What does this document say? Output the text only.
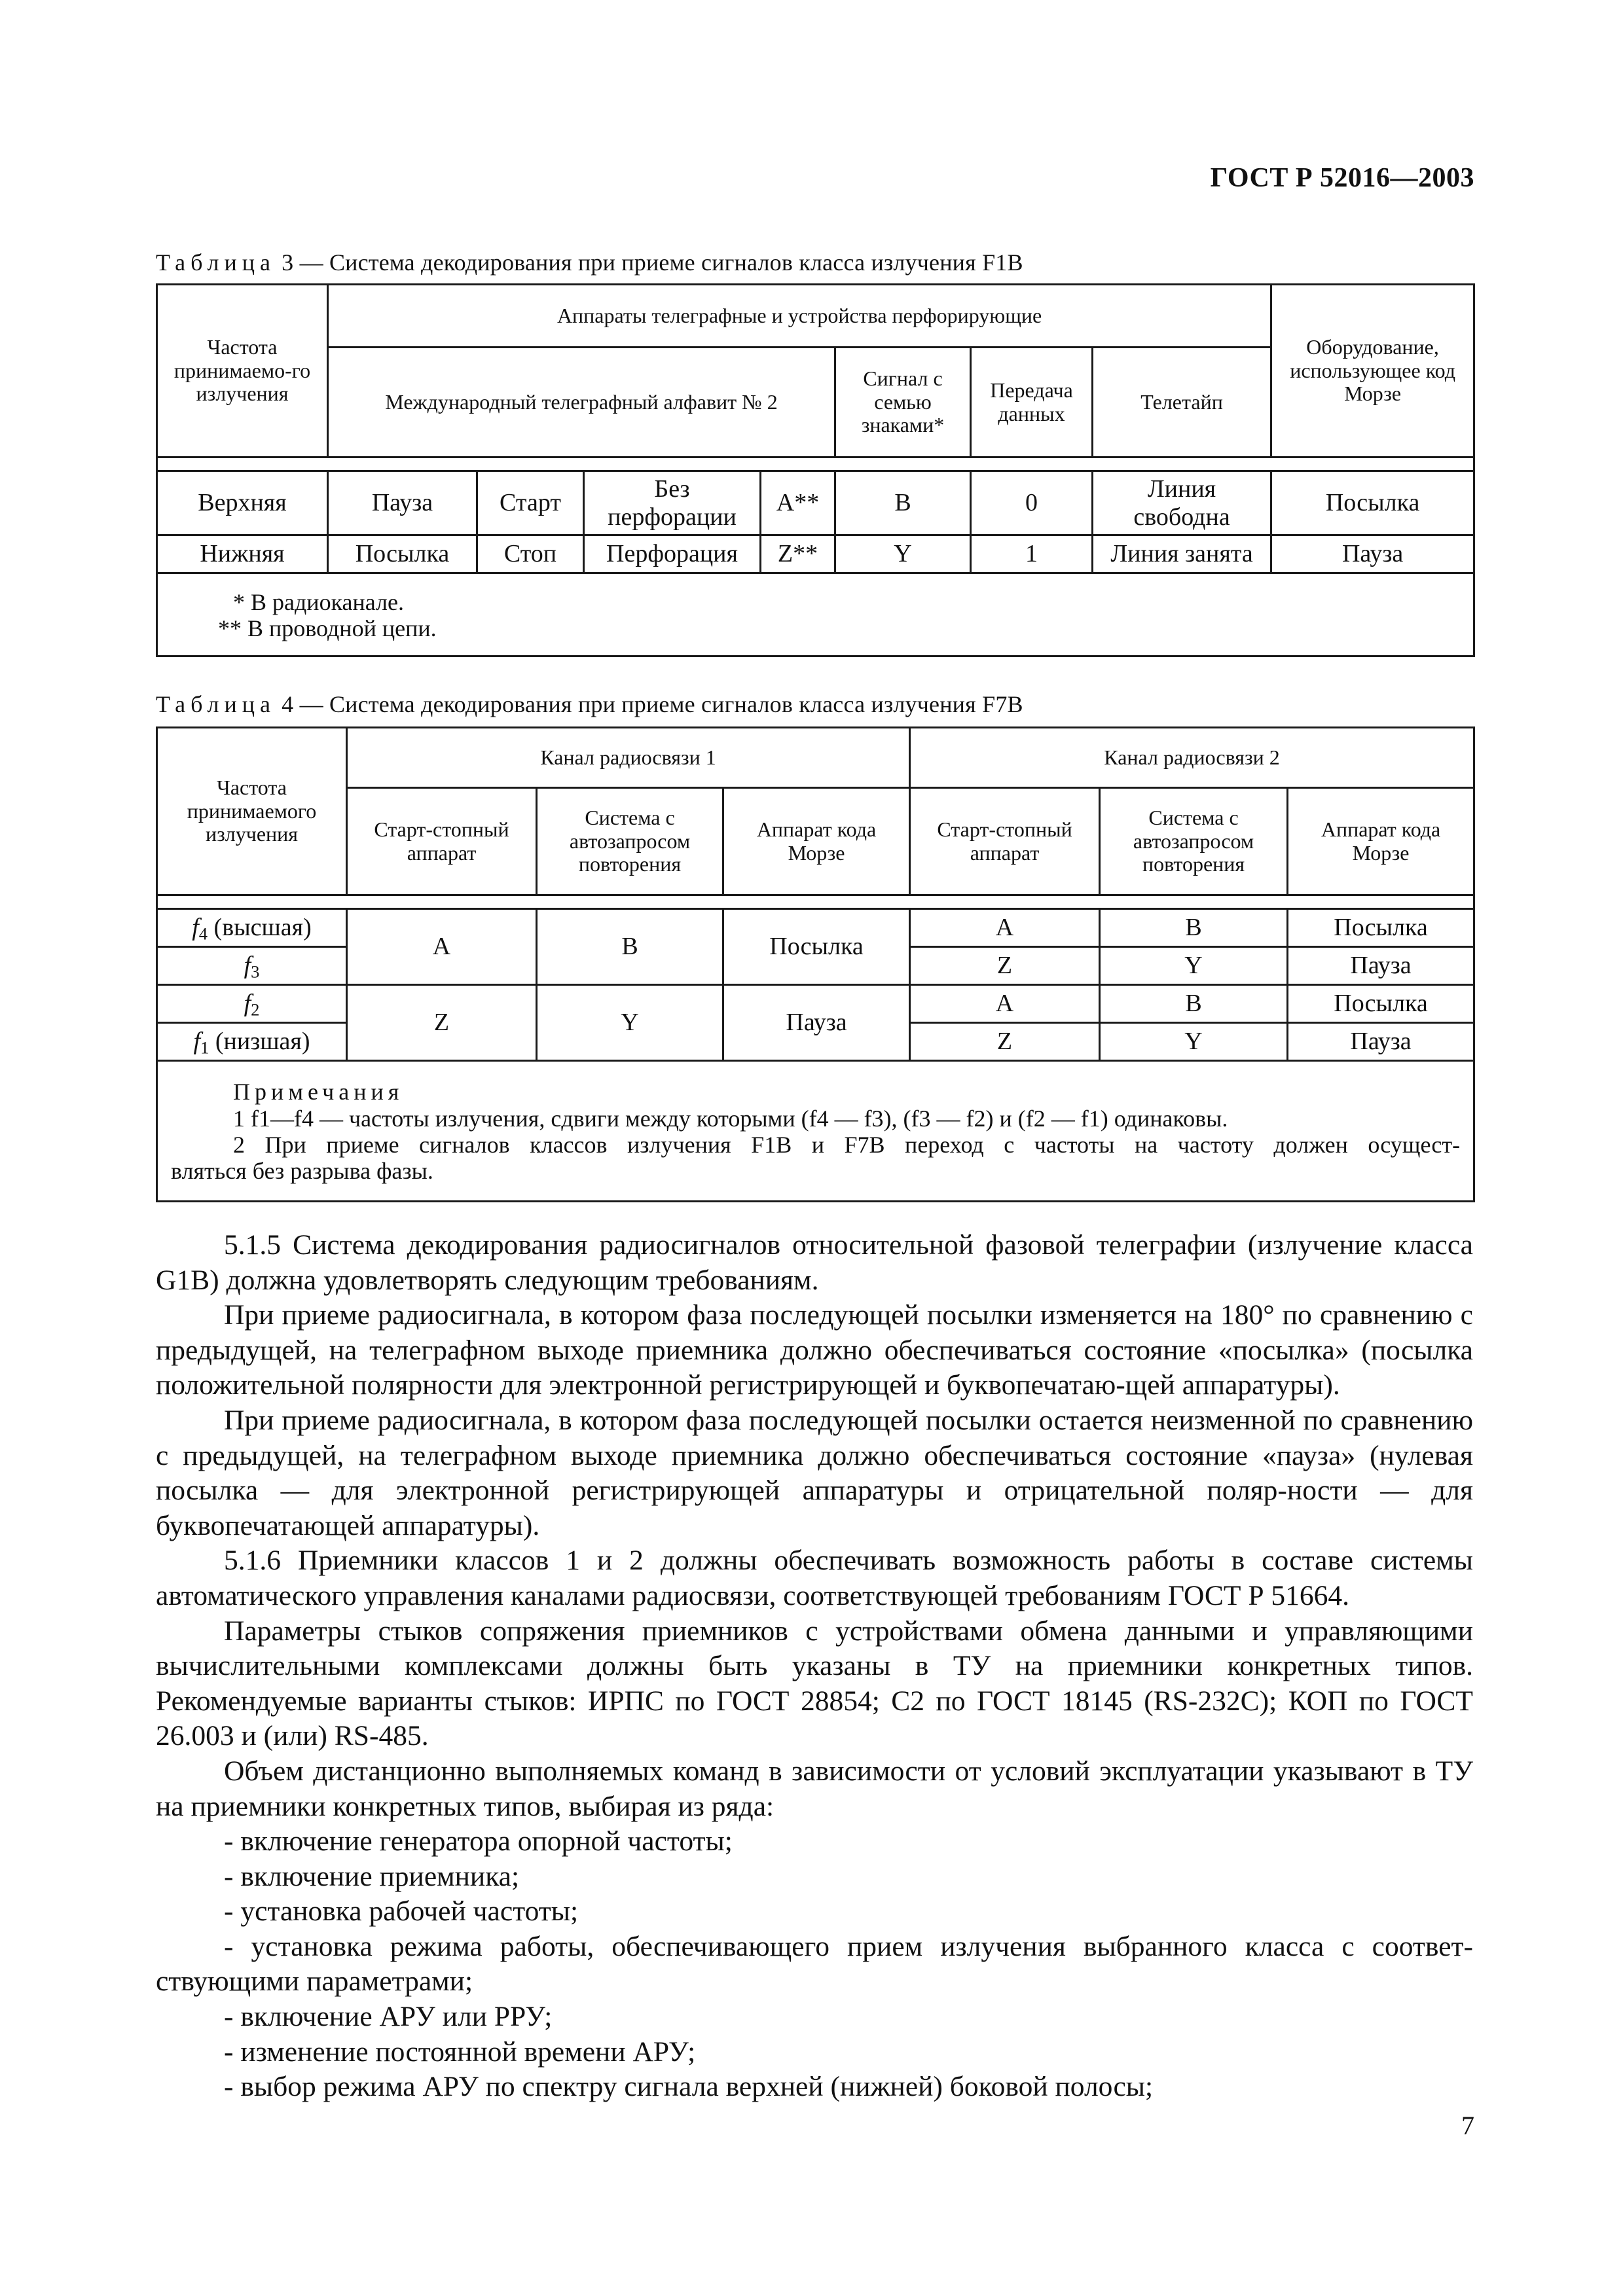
ГОСТ Р 52016—2003
Таблица 3 — Система декодирования при приеме сигналов класса излучения F1B
Частота принимаемо-го излучения	Аппараты телеграфные и устройства перфорирующие							Оборудование, использующее код Морзе
	Международный телеграфный алфавит № 2				Сигнал с семью знаками*	Передача данных	Телетайп	

Верхняя	Пауза	Старт	Без перфорации	A**	B	0	Линия свободна	Посылка
Нижняя	Посылка	Стоп	Перфорация	Z**	Y	1	Линия занята	Пауза

* В радиоканале.
** В проводной цепи.								
Таблица 4 — Система декодирования при приеме сигналов класса излучения F7B
Частота принимаемого излучения	Канал радиосвязи 1			Канал радиосвязи 2		
	Старт-стопный аппарат	Система с автозапросом повторения	Аппарат кода Морзе	Старт-стопный аппарат	Система с автозапросом повторения	Аппарат кода Морзе

$f_4$ (высшая)	A	B	Посылка	A	B	Посылка
$f_3$				Z	Y	Пауза
$f_2$	Z	Y	Пауза	A	B	Посылка
$f_1$ (низшая)				Z	Y	Пауза

Примечания
1 f1—f4 — частоты излучения, сдвиги между которыми (f4 — f3), (f3 — f2) и (f2 — f1) одинаковы.
2 При приеме сигналов классов излучения F1B и F7B переход с частоты на частоту должен осущест-
вляться без разрыва фазы.						

5.1.5 Система декодирования радиосигналов относительной фазовой телеграфии (излучение класса G1B) должна удовлетворять следующим требованиям.

При приеме радиосигнала, в котором фаза последующей посылки изменяется на 180° по сравнению с предыдущей, на телеграфном выходе приемника должно обеспечиваться состояние «посылка» (посылка положительной полярности для электронной регистрирующей и буквопечатаю-щей аппаратуры).

При приеме радиосигнала, в котором фаза последующей посылки остается неизменной по сравнению с предыдущей, на телеграфном выходе приемника должно обеспечиваться состояние «пауза» (нулевая посылка — для электронной регистрирующей аппаратуры и отрицательной поляр-ности — для буквопечатающей аппаратуры).

5.1.6 Приемники классов 1 и 2 должны обеспечивать возможность работы в составе системы автоматического управления каналами радиосвязи, соответствующей требованиям ГОСТ Р 51664.

Параметры стыков сопряжения приемников с устройствами обмена данными и управляющими вычислительными комплексами должны быть указаны в ТУ на приемники конкретных типов. Рекомендуемые варианты стыков: ИРПС по ГОСТ 28854; С2 по ГОСТ 18145 (RS-232C); КОП по ГОСТ 26.003 и (или) RS-485.

Объем дистанционно выполняемых команд в зависимости от условий эксплуатации указывают в ТУ на приемники конкретных типов, выбирая из ряда:

- включение генератора опорной частоты;

- включение приемника;

- установка рабочей частоты;

- установка режима работы, обеспечивающего прием излучения выбранного класса с соответ-ствующими параметрами;

- включение АРУ или РРУ;

- изменение постоянной времени АРУ;

- выбор режима АРУ по спектру сигнала верхней (нижней) боковой полосы;

7
